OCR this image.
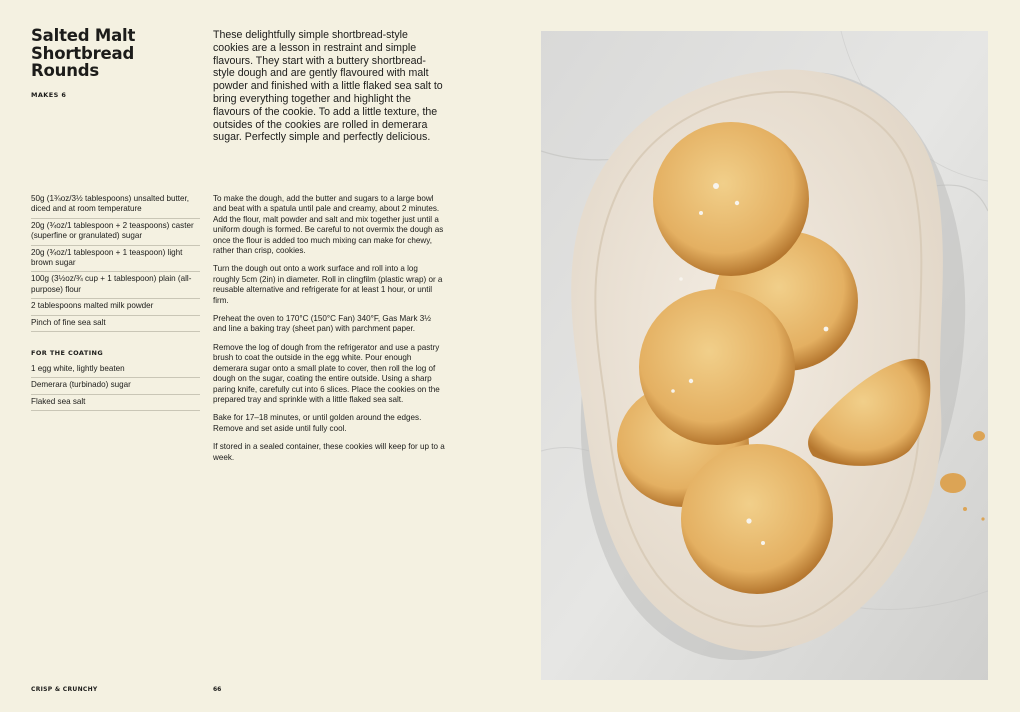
Salted Malt Shortbread Rounds
MAKES 6
These delightfully simple shortbread-style cookies are a lesson in restraint and simple flavours. They start with a buttery shortbread-style dough and are gently flavoured with malt powder and finished with a little flaked sea salt to bring everything together and highlight the flavours of the cookie. To add a little texture, the outsides of the cookies are rolled in demerara sugar. Perfectly simple and perfectly delicious.
50g (1¾oz/3½ tablespoons) unsalted butter, diced and at room temperature
20g (¾oz/1 tablespoon + 2 teaspoons) caster (superfine or granulated) sugar
20g (¾oz/1 tablespoon + 1 teaspoon) light brown sugar
100g (3½oz/¾ cup + 1 tablespoon) plain (all-purpose) flour
2 tablespoons malted milk powder
Pinch of fine sea salt
FOR THE COATING
1 egg white, lightly beaten
Demerara (turbinado) sugar
Flaked sea salt

To make the dough, add the butter and sugars to a large bowl and beat with a spatula until pale and creamy, about 2 minutes. Add the flour, malt powder and salt and mix together just until a uniform dough is formed. Be careful to not overmix the dough as once the flour is added too much mixing can make for chewy, rather than crisp, cookies.

Turn the dough out onto a work surface and roll into a log roughly 5cm (2in) in diameter. Roll in clingfilm (plastic wrap) or a reusable alternative and refrigerate for at least 1 hour, or until firm.

Preheat the oven to 170°C (150°C Fan) 340°F, Gas Mark 3½ and line a baking tray (sheet pan) with parchment paper.

Remove the log of dough from the refrigerator and use a pastry brush to coat the outside in the egg white. Pour enough demerara sugar onto a small plate to cover, then roll the log of dough on the sugar, coating the entire outside. Using a sharp paring knife, carefully cut into 6 slices. Place the cookies on the prepared tray and sprinkle with a little flaked sea salt.

Bake for 17–18 minutes, or until golden around the edges. Remove and set aside until fully cool.

If stored in a sealed container, these cookies will keep for up to a week.

CRISP & CRUNCHY	66
